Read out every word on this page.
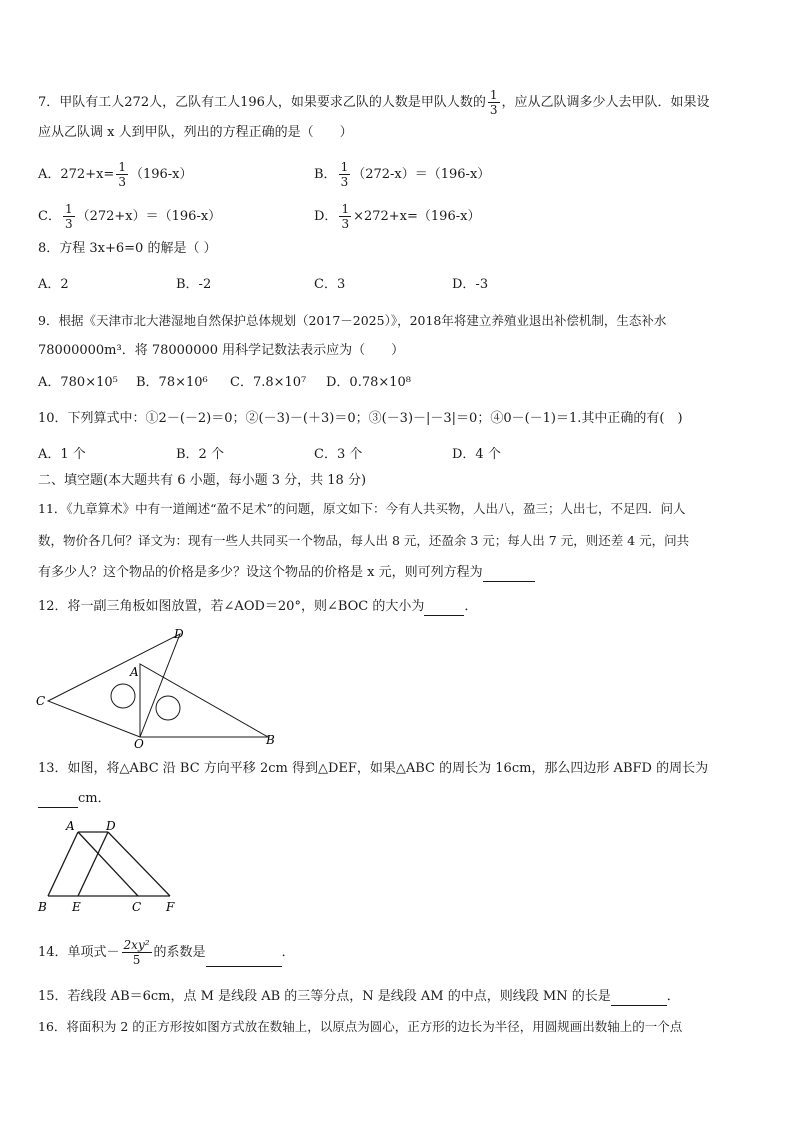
7．甲队有工人272人，乙队有工人196人，如果要求乙队的人数是甲队人数的 $\frac{1}{3}$ ，应从乙队调多少人去甲队．如果设
应从乙队调 x 人到甲队，列出的方程正确的是（　　）
A．$272+x= \frac{1}{3} (196-x)$	B． $\frac{1}{3} (272-x)=(196-x)$
C． $\frac{1}{3} (272+x)=(196-x)$	D． $\frac{1}{3} \times 272+x=(196-x)$
8．方程 3x+6=0 的解是（ ）
A．2	B．-2	C．3	D．-3
9．根据《天津市北大港湿地自然保护总体规划（2017－2025）》，2018年将建立养殖业退出补偿机制，生态补水
78000000m³．将 78000000 用科学记数法表示应为（　　）
A．780×10⁵ B．78×10⁶ C．7.8×10⁷ D．0.78×10⁸
10．下列算式中：①2－(－2)＝0；②(－3)－(＋3)＝0；③(－3)－|－3|＝0；④0－(－1)＝1.其中正确的有(　)
A．1 个	B．2 个	C．3 个	D．4 个
二、填空题(本大题共有 6 小题，每小题 3 分，共 18 分)
11．《九章算术》中有一道阐述“盈不足术”的问题，原文如下：今有人共买物，人出八，盈三；人出七，不足四．问人
数，物价各几何？译文为：现有一些人共同买一个物品，每人出 8 元，还盈余 3 元；每人出 7 元，则还差 4 元，问共
有多少人？这个物品的价格是多少？设这个物品的价格是 x 元，则可列方程为
12．将一副三角板如图放置，若∠AOD＝20°，则∠BOC 的大小为	．
D
A
C
O	B
13．如图，将△ABC 沿 BC 方向平移 2cm 得到△DEF，如果△ABC 的周长为 16cm，那么四边形 ABFD 的周长为
cm．
A	D
B E	C F
14．单项式－ $\frac{\text{2xy²}}{5}$ 的系数是	．
15．若线段 AB＝6cm，点 M 是线段 AB 的三等分点，N 是线段 AM 的中点，则线段 MN 的长是	．
16．将面积为 2 的正方形按如图方式放在数轴上，以原点为圆心，正方形的边长为半径，用圆规画出数轴上的一个点
